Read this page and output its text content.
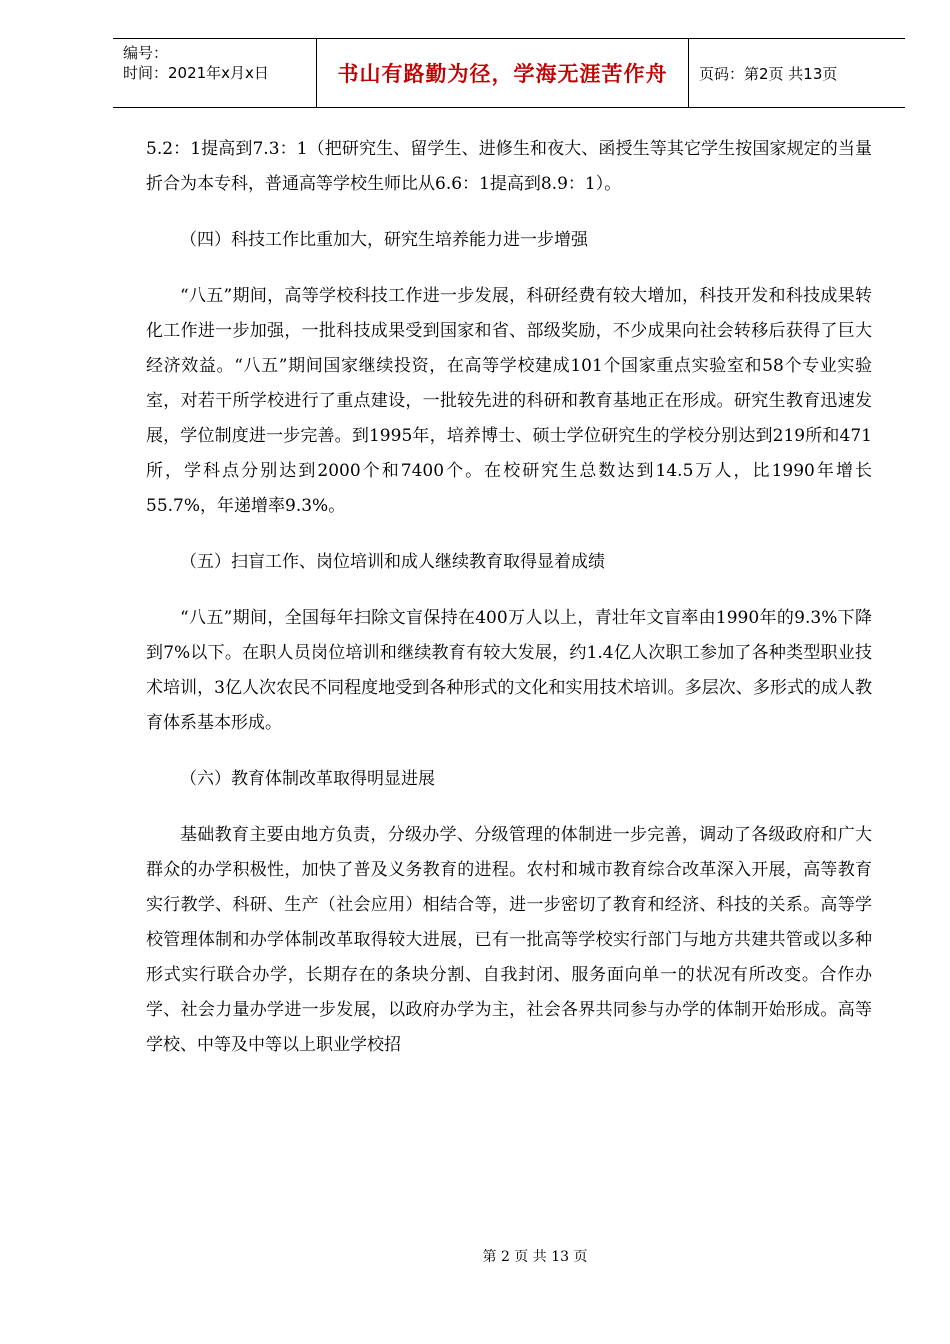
编号：
时间：2021年x月x日	书山有路勤为径，学海无涯苦作舟	页码：第2页 共13页

5.2：1提高到7.3：1（把研究生、留学生、进修生和夜大、函授生等其它学生按国家规定的当量折合为本专科，普通高等学校生师比从6.6：1提高到8.9：1）。

（四）科技工作比重加大，研究生培养能力进一步增强

“八五”期间，高等学校科技工作进一步发展，科研经费有较大增加，科技开发和科技成果转化工作进一步加强，一批科技成果受到国家和省、部级奖励，不少成果向社会转移后获得了巨大经济效益。“八五”期间国家继续投资，在高等学校建成101个国家重点实验室和58个专业实验室，对若干所学校进行了重点建设，一批较先进的科研和教育基地正在形成。研究生教育迅速发展，学位制度进一步完善。到1995年，培养博士、硕士学位研究生的学校分别达到219所和471所，学科点分别达到2000个和7400个。在校研究生总数达到14.5万人，比1990年增长55.7%，年递增率9.3%。

（五）扫盲工作、岗位培训和成人继续教育取得显着成绩

“八五”期间，全国每年扫除文盲保持在400万人以上，青壮年文盲率由1990年的9.3%下降到7%以下。在职人员岗位培训和继续教育有较大发展，约1.4亿人次职工参加了各种类型职业技术培训，3亿人次农民不同程度地受到各种形式的文化和实用技术培训。多层次、多形式的成人教育体系基本形成。

（六）教育体制改革取得明显进展

基础教育主要由地方负责，分级办学、分级管理的体制进一步完善，调动了各级政府和广大群众的办学积极性，加快了普及义务教育的进程。农村和城市教育综合改革深入开展，高等教育实行教学、科研、生产（社会应用）相结合等，进一步密切了教育和经济、科技的关系。高等学校管理体制和办学体制改革取得较大进展，已有一批高等学校实行部门与地方共建共管或以多种形式实行联合办学，长期存在的条块分割、自我封闭、服务面向单一的状况有所改变。合作办学、社会力量办学进一步发展，以政府办学为主，社会各界共同参与办学的体制开始形成。高等学校、中等及中等以上职业学校招

第 2 页 共 13 页
